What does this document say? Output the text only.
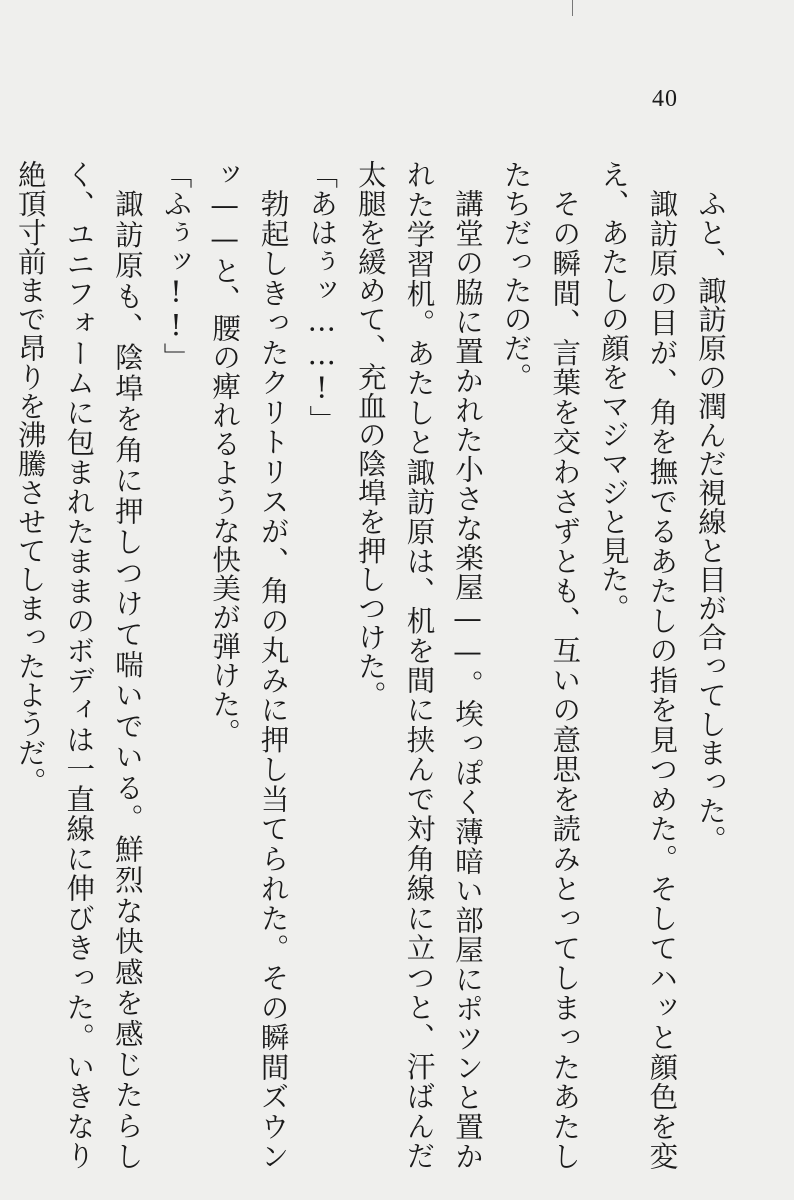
40

ふと、諏訪原の潤んだ視線と目が合ってしまった。

諏訪原の目が、角を撫でるあたしの指を見つめた。そしてハッと顔色を変え、あたしの顔をマジマジと見た。

その瞬間、言葉を交わさずとも、互いの意思を読みとってしまったあたしたちだったのだ。

講堂の脇に置かれた小さな楽屋——。埃っぽく薄暗い部屋にポツンと置かれた学習机。あたしと諏訪原は、机を間に挟んで対角線に立つと、汗ばんだ太腿を緩めて、充血の陰埠を押しつけた。

「あはぅッ……!」

勃起しきったクリトリスが、角の丸みに押し当てられた。その瞬間ズウンッ——と、腰の痺れるような快美が弾けた。

「ふぅッ!!」

諏訪原も、陰埠を角に押しつけて喘いでいる。鮮烈な快感を感じたらしく、ユニフォームに包まれたままのボディは一直線に伸びきった。いきなり絶頂寸前まで昂りを沸騰させてしまったようだ。
